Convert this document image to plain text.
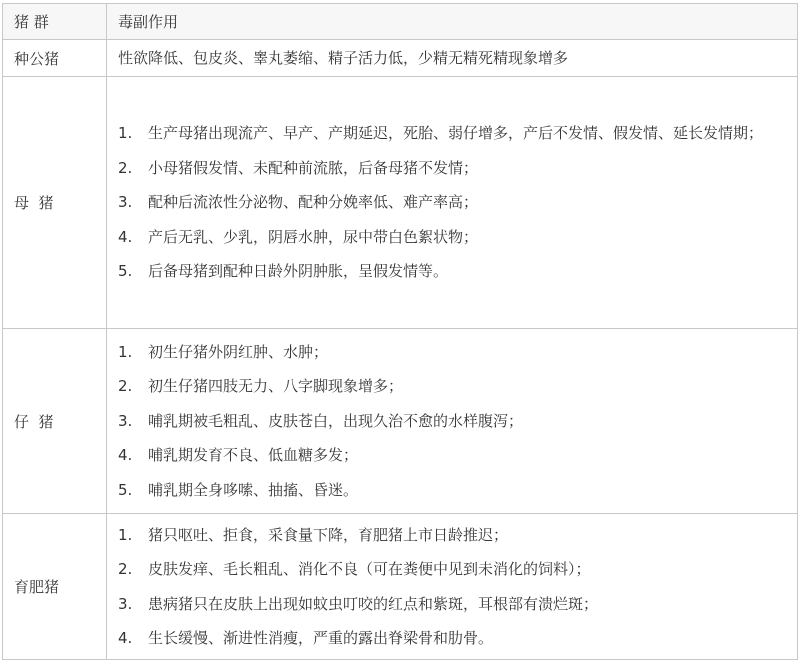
猪 群	毒副作用
种公猪	性欲降低、包皮炎、睾丸萎缩、精子活力低，少精无精死精现象增多
母  猪	1. 生产母猪出现流产、早产、产期延迟，死胎、弱仔增多，产后不发情、假发情、延长发情期；
2. 小母猪假发情、未配种前流脓，后备母猪不发情；
3. 配种后流浓性分泌物、配种分娩率低、难产率高；
4. 产后无乳、少乳，阴唇水肿，尿中带白色絮状物；
5. 后备母猪到配种日龄外阴肿胀，呈假发情等。

仔  猪	1. 初生仔猪外阴红肿、水肿；
2. 初生仔猪四肢无力、八字脚现象增多；
3. 哺乳期被毛粗乱、皮肤苍白，出现久治不愈的水样腹泻；
4. 哺乳期发育不良、低血糖多发；
5. 哺乳期全身哆嗦、抽搐、昏迷。

育肥猪	1. 猪只呕吐、拒食，采食量下降，育肥猪上市日龄推迟；
2. 皮肤发痒、毛长粗乱、消化不良（可在粪便中见到未消化的饲料）；
3. 患病猪只在皮肤上出现如蚊虫叮咬的红点和紫斑，耳根部有溃烂斑；
4. 生长缓慢、渐进性消瘦，严重的露出脊梁骨和肋骨。
